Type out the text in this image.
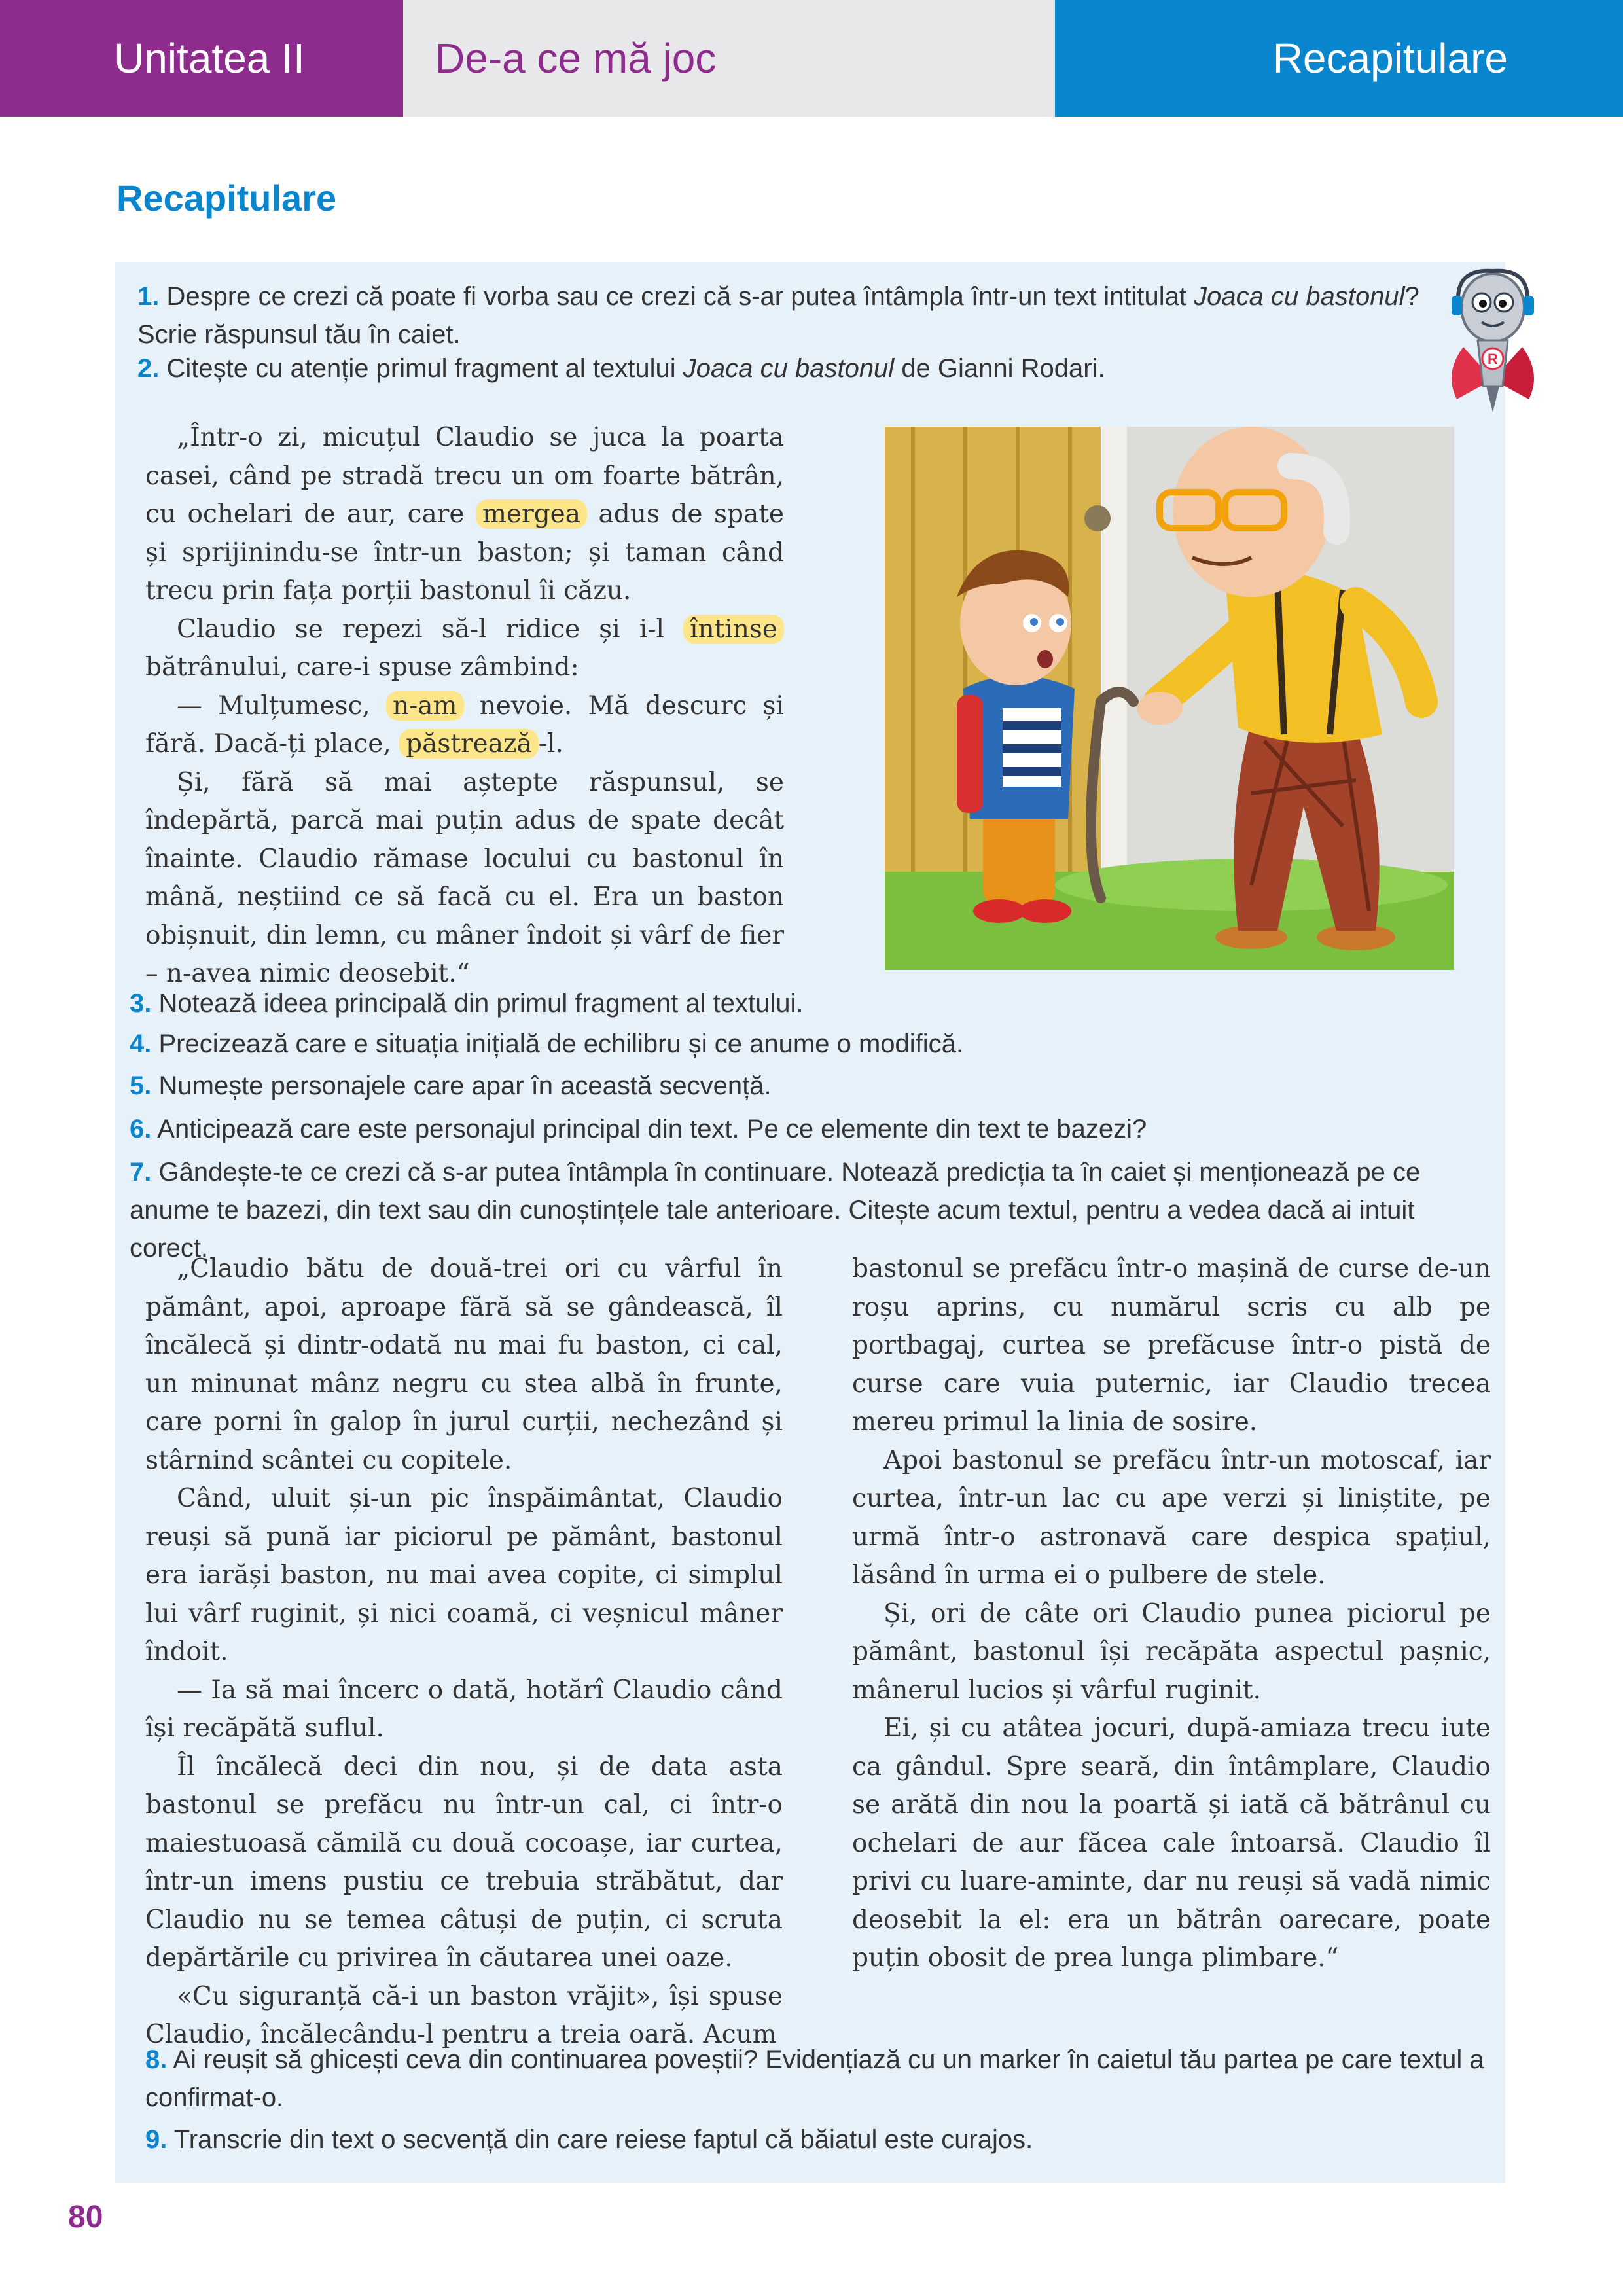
Unitatea II	De-a ce mă joc	Recapitulare
Recapitulare
R
1. Despre ce crezi că poate fi vorba sau ce crezi că s-ar putea întâmpla într-un text intitulat Joaca cu bastonul? Scrie răspunsul tău în caiet.
2. Citește cu atenție primul fragment al textului Joaca cu bastonul de Gianni Rodari.

„Într-o zi, micuțul Claudio se juca la poarta casei, când pe stradă trecu un om foarte bătrân, cu ochelari de aur, care mergea adus de spate și sprijinindu-se într-un baston; și taman când trecu prin fața porții bastonul îi căzu.

Claudio se repezi să-l ridice și i-l întinse bătrânului, care-i spuse zâmbind:

— Mulțumesc, n-am nevoie. Mă descurc și fără. Dacă-ți place, păstrează -l.

Și, fără să mai aștepte răspunsul, se îndepărtă, parcă mai puțin adus de spate decât înainte. Claudio rămase locului cu bastonul în mână, neștiind ce să facă cu el. Era un baston obișnuit, din lemn, cu mâner îndoit și vârf de fier – n-avea nimic deosebit.“

3. Notează ideea principală din primul fragment al textului.
4. Precizează care e situația inițială de echilibru și ce anume o modifică.
5. Numește personajele care apar în această secvență.
6. Anticipează care este personajul principal din text. Pe ce elemente din text te bazezi?
7. Gândește-te ce crezi că s-ar putea întâmpla în continuare. Notează predicția ta în caiet și menționează pe ce anume te bazezi, din text sau din cunoștințele tale anterioare. Citește acum textul, pentru a vedea dacă ai intuit corect.

„Claudio bătu de două-trei ori cu vârful în pământ, apoi, aproape fără să se gândească, îl încălecă și dintr-odată nu mai fu baston, ci cal, un minunat mânz negru cu stea albă în frunte, care porni în galop în jurul curții, nechezând și stârnind scântei cu copitele.

Când, uluit și-un pic înspăimântat, Claudio reuși să pună iar piciorul pe pământ, bastonul era iarăși baston, nu mai avea copite, ci simplul lui vârf ruginit, și nici coamă, ci veșnicul mâner îndoit.

— Ia să mai încerc o dată, hotărî Claudio când își recăpătă suflul.

Îl încălecă deci din nou, și de data asta bastonul se prefăcu nu într-un cal, ci într-o maiestuoasă cămilă cu două cocoașe, iar curtea, într-un imens pustiu ce trebuia străbătut, dar Claudio nu se temea câtuși de puțin, ci scruta depărtările cu privirea în căutarea unei oaze.

«Cu siguranță că-i un baston vrăjit», își spuse Claudio, încălecându-l pentru a treia oară. Acum

bastonul se prefăcu într-o mașină de curse de-un roșu aprins, cu numărul scris cu alb pe portbagaj, curtea se prefăcuse într-o pistă de curse care vuia puternic, iar Claudio trecea mereu primul la linia de sosire.

Apoi bastonul se prefăcu într-un motoscaf, iar curtea, într-un lac cu ape verzi și liniștite, pe urmă într-o astronavă care despica spațiul, lăsând în urma ei o pulbere de stele.

Și, ori de câte ori Claudio punea piciorul pe pământ, bastonul își recăpăta aspectul pașnic, mânerul lucios și vârful ruginit.

Ei, și cu atâtea jocuri, după-amiaza trecu iute ca gândul. Spre seară, din întâmplare, Claudio se arătă din nou la poartă și iată că bătrânul cu ochelari de aur făcea cale întoarsă. Claudio îl privi cu luare-aminte, dar nu reuși să vadă nimic deosebit la el: era un bătrân oarecare, poate puțin obosit de prea lunga plimbare.“

8. Ai reușit să ghicești ceva din continuarea poveștii? Evidențiază cu un marker în caietul tău partea pe care textul a confirmat-o.
9. Transcrie din text o secvență din care reiese faptul că băiatul este curajos.
80
